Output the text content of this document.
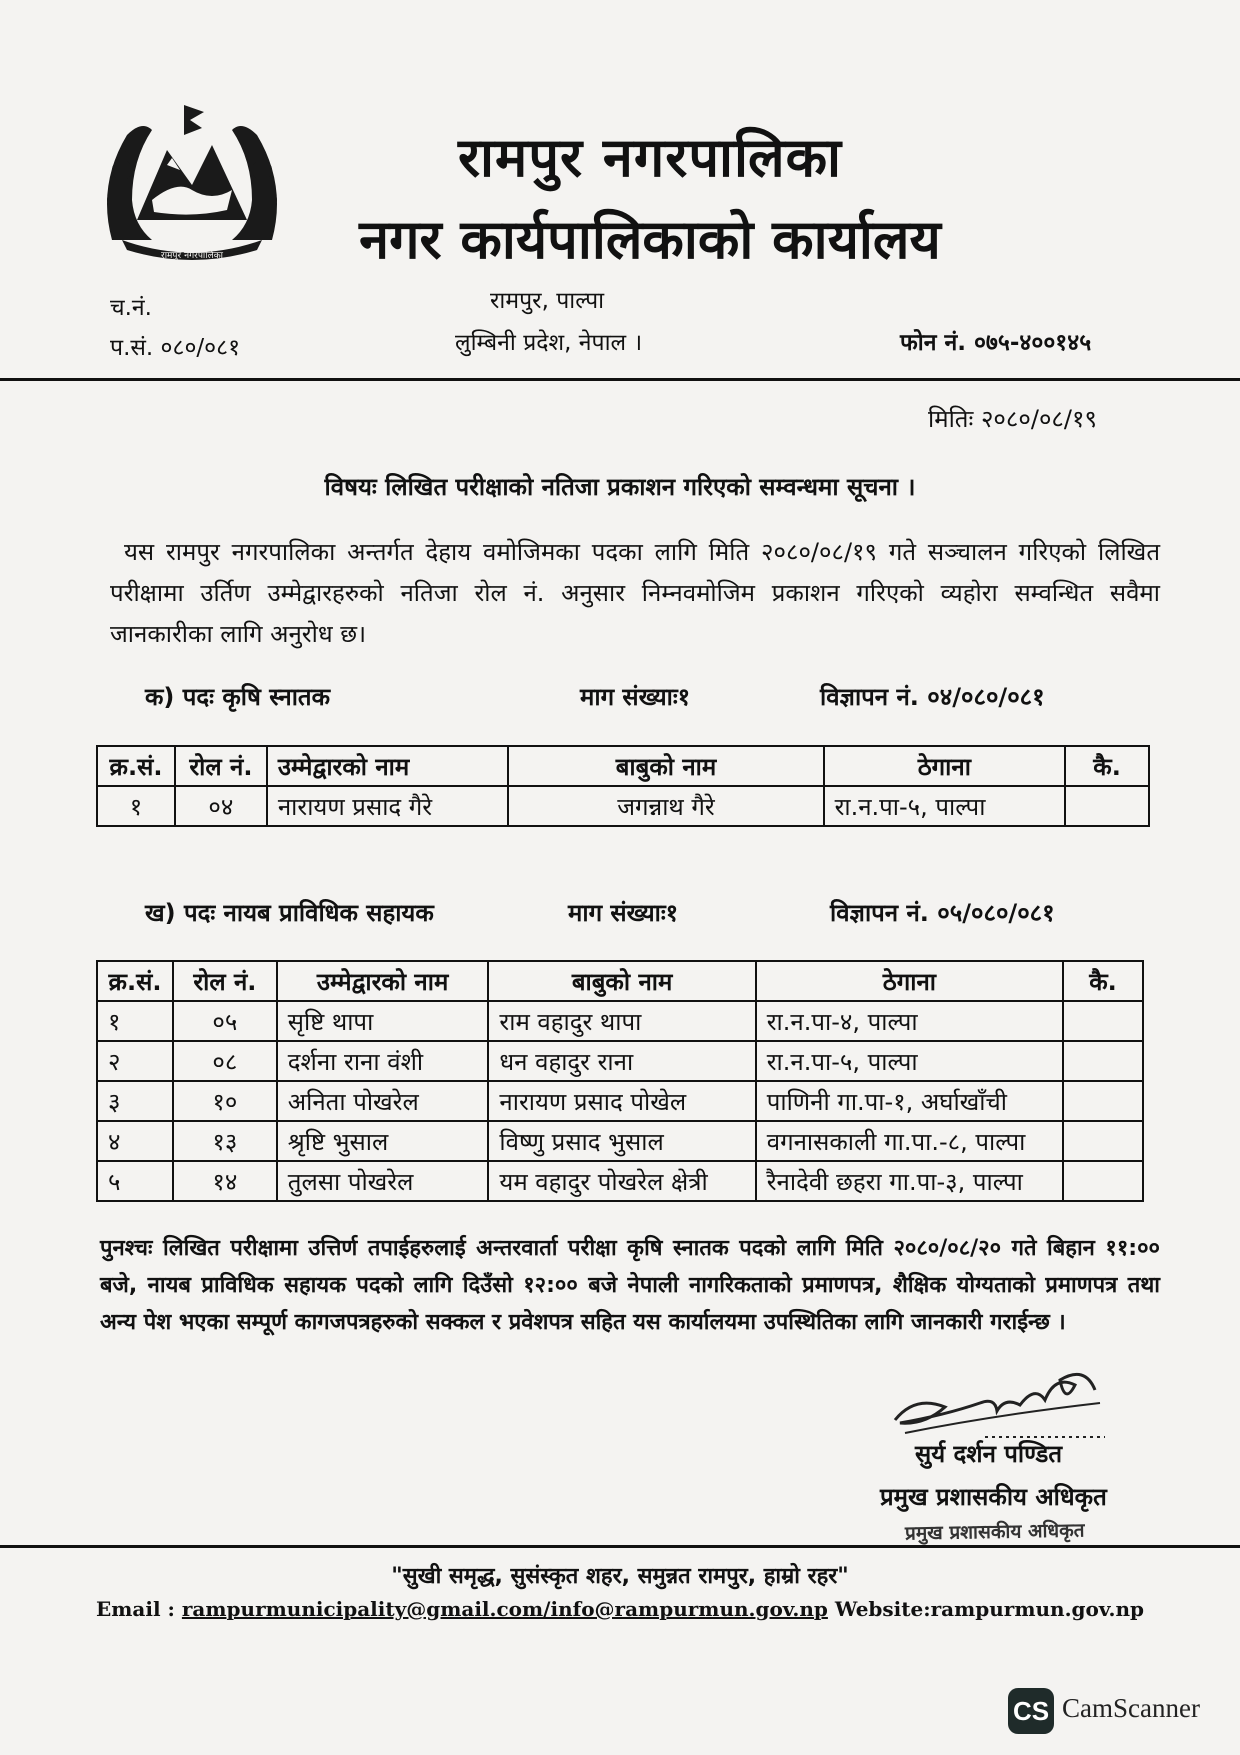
रामपुर नगरपालिका
रामपुर नगरपालिका
नगर कार्यपालिकाको कार्यालय
च.नं.
प.सं. ०८०/०८१
रामपुर, पाल्पा
लुम्बिनी प्रदेश, नेपाल ।	फोन नं. ०७५-४००१४५
मितिः २०८०/०८/१९
विषयः लिखित परीक्षाको नतिजा प्रकाशन गरिएको सम्वन्धमा सूचना ।
यस रामपुर नगरपालिका अन्तर्गत देहाय वमोजिमका पदका लागि मिति २०८०/०८/१९ गते सञ्चालन गरिएको लिखित परीक्षामा उर्तिण उम्मेद्वारहरुको नतिजा रोल नं. अनुसार निम्नवमोजिम प्रकाशन गरिएको व्यहोरा सम्वन्धित सवैमा जानकारीका लागि अनुरोध छ।
क) पदः कृषि स्नातक	माग संख्याः१	विज्ञापन नं. ०४/०८०/०८१
क्र.सं.	रोल नं.	उम्मेद्वारको नाम	बाबुको नाम	ठेगाना	कै.
१	०४	नारायण प्रसाद गैरे	जगन्नाथ गैरे	रा.न.पा-५, पाल्पा	
ख) पदः नायब प्राविधिक सहायक	माग संख्याः१	विज्ञापन नं. ०५/०८०/०८१
क्र.सं.	रोल नं.	उम्मेद्वारको नाम	बाबुको नाम	ठेगाना	कै.
१	०५	सृष्टि थापा	राम वहादुर थापा	रा.न.पा-४, पाल्पा	
२	०८	दर्शना राना वंशी	धन वहादुर राना	रा.न.पा-५, पाल्पा	
३	१०	अनिता पोखरेल	नारायण प्रसाद पोखेल	पाणिनी गा.पा-१, अर्घाखाँची	
४	१३	श्रृष्टि भुसाल	विष्णु प्रसाद भुसाल	वगनासकाली गा.पा.-८, पाल्पा	
५	१४	तुलसा पोखरेल	यम वहादुर पोखरेल क्षेत्री	रैनादेवी छहरा गा.पा-३, पाल्पा	
पुनश्चः लिखित परीक्षामा उत्तिर्ण तपाईहरुलाई अन्तरवार्ता परीक्षा कृषि स्नातक पदको लागि मिति २०८०/०८/२० गते बिहान ११:०० बजे, नायब प्राविधिक सहायक पदको लागि दिउँसो १२:०० बजे नेपाली नागरिकताको प्रमाणपत्र, शैक्षिक योग्यताको प्रमाणपत्र तथा अन्य पेश भएका सम्पूर्ण कागजपत्रहरुको सक्कल र प्रवेशपत्र सहित यस कार्यालयमा उपस्थितिका लागि जानकारी गराईन्छ ।
सुर्य दर्शन पण्डित
प्रमुख प्रशासकीय अधिकृत
प्रमुख प्रशासकीय अधिकृत
"सुखी समृद्ध, सुसंस्कृत शहर, समुन्नत रामपुर, हाम्रो रहर"
Email : rampurmunicipality@gmail.com/info@rampurmun.gov.np Website:rampurmun.gov.np
CS CamScanner
